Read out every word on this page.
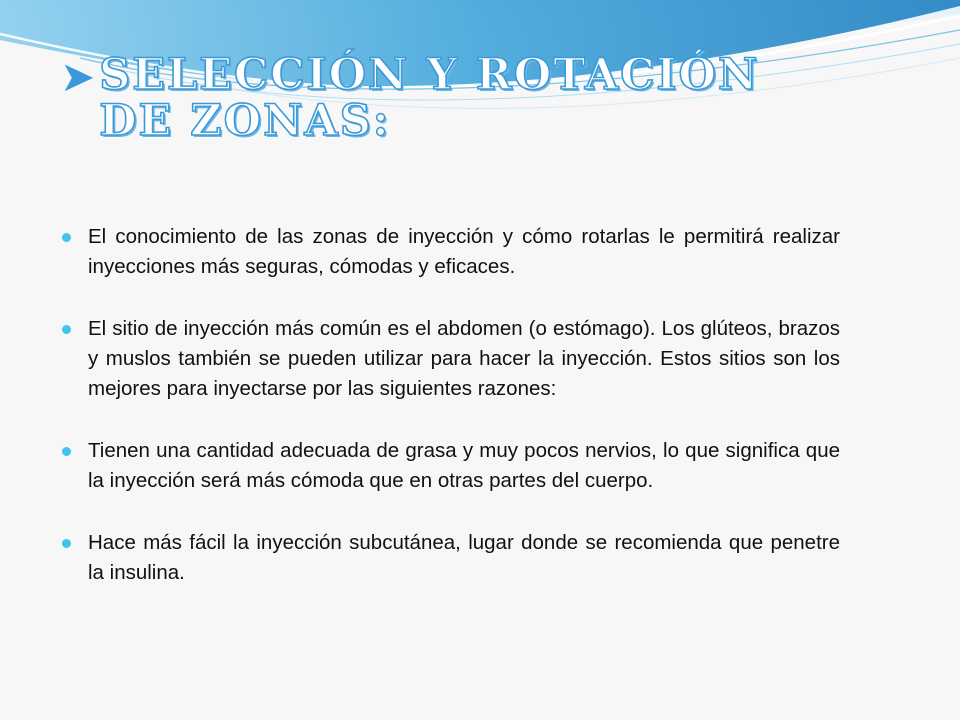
➤ SELECCIÓN Y ROTACIÓN DE ZONAS:
El conocimiento de las zonas de inyección y cómo rotarlas le permitirá realizar inyecciones más seguras, cómodas y eficaces.
El sitio de inyección más común es el abdomen (o estómago). Los glúteos, brazos y muslos también se pueden utilizar para hacer la inyección. Estos sitios son los mejores para inyectarse por las siguientes razones:
Tienen una cantidad adecuada de grasa y muy pocos nervios, lo que significa que la inyección será más cómoda que en otras partes del cuerpo.
Hace más fácil la inyección subcutánea, lugar donde se recomienda que penetre la insulina.
